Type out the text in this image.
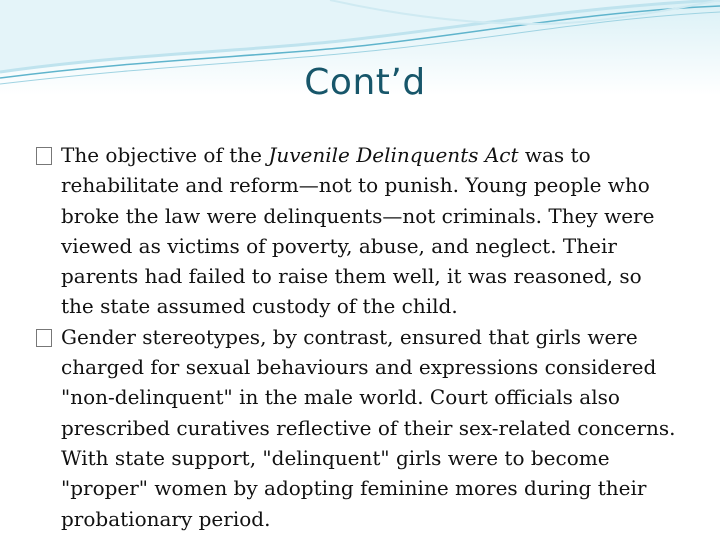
Cont’d
The objective of the Juvenile Delinquents Act was to rehabilitate and reform—not to punish. Young people who broke the law were delinquents—not criminals. They were viewed as victims of poverty, abuse, and neglect. Their parents had failed to raise them well, it was reasoned, so the state assumed custody of the child.
Gender stereotypes, by contrast, ensured that girls were charged for sexual behaviours and expressions considered "non-delinquent" in the male world. Court officials also prescribed curatives reflective of their sex-related concerns. With state support, "delinquent" girls were to become "proper" women by adopting feminine mores during their probationary period.
